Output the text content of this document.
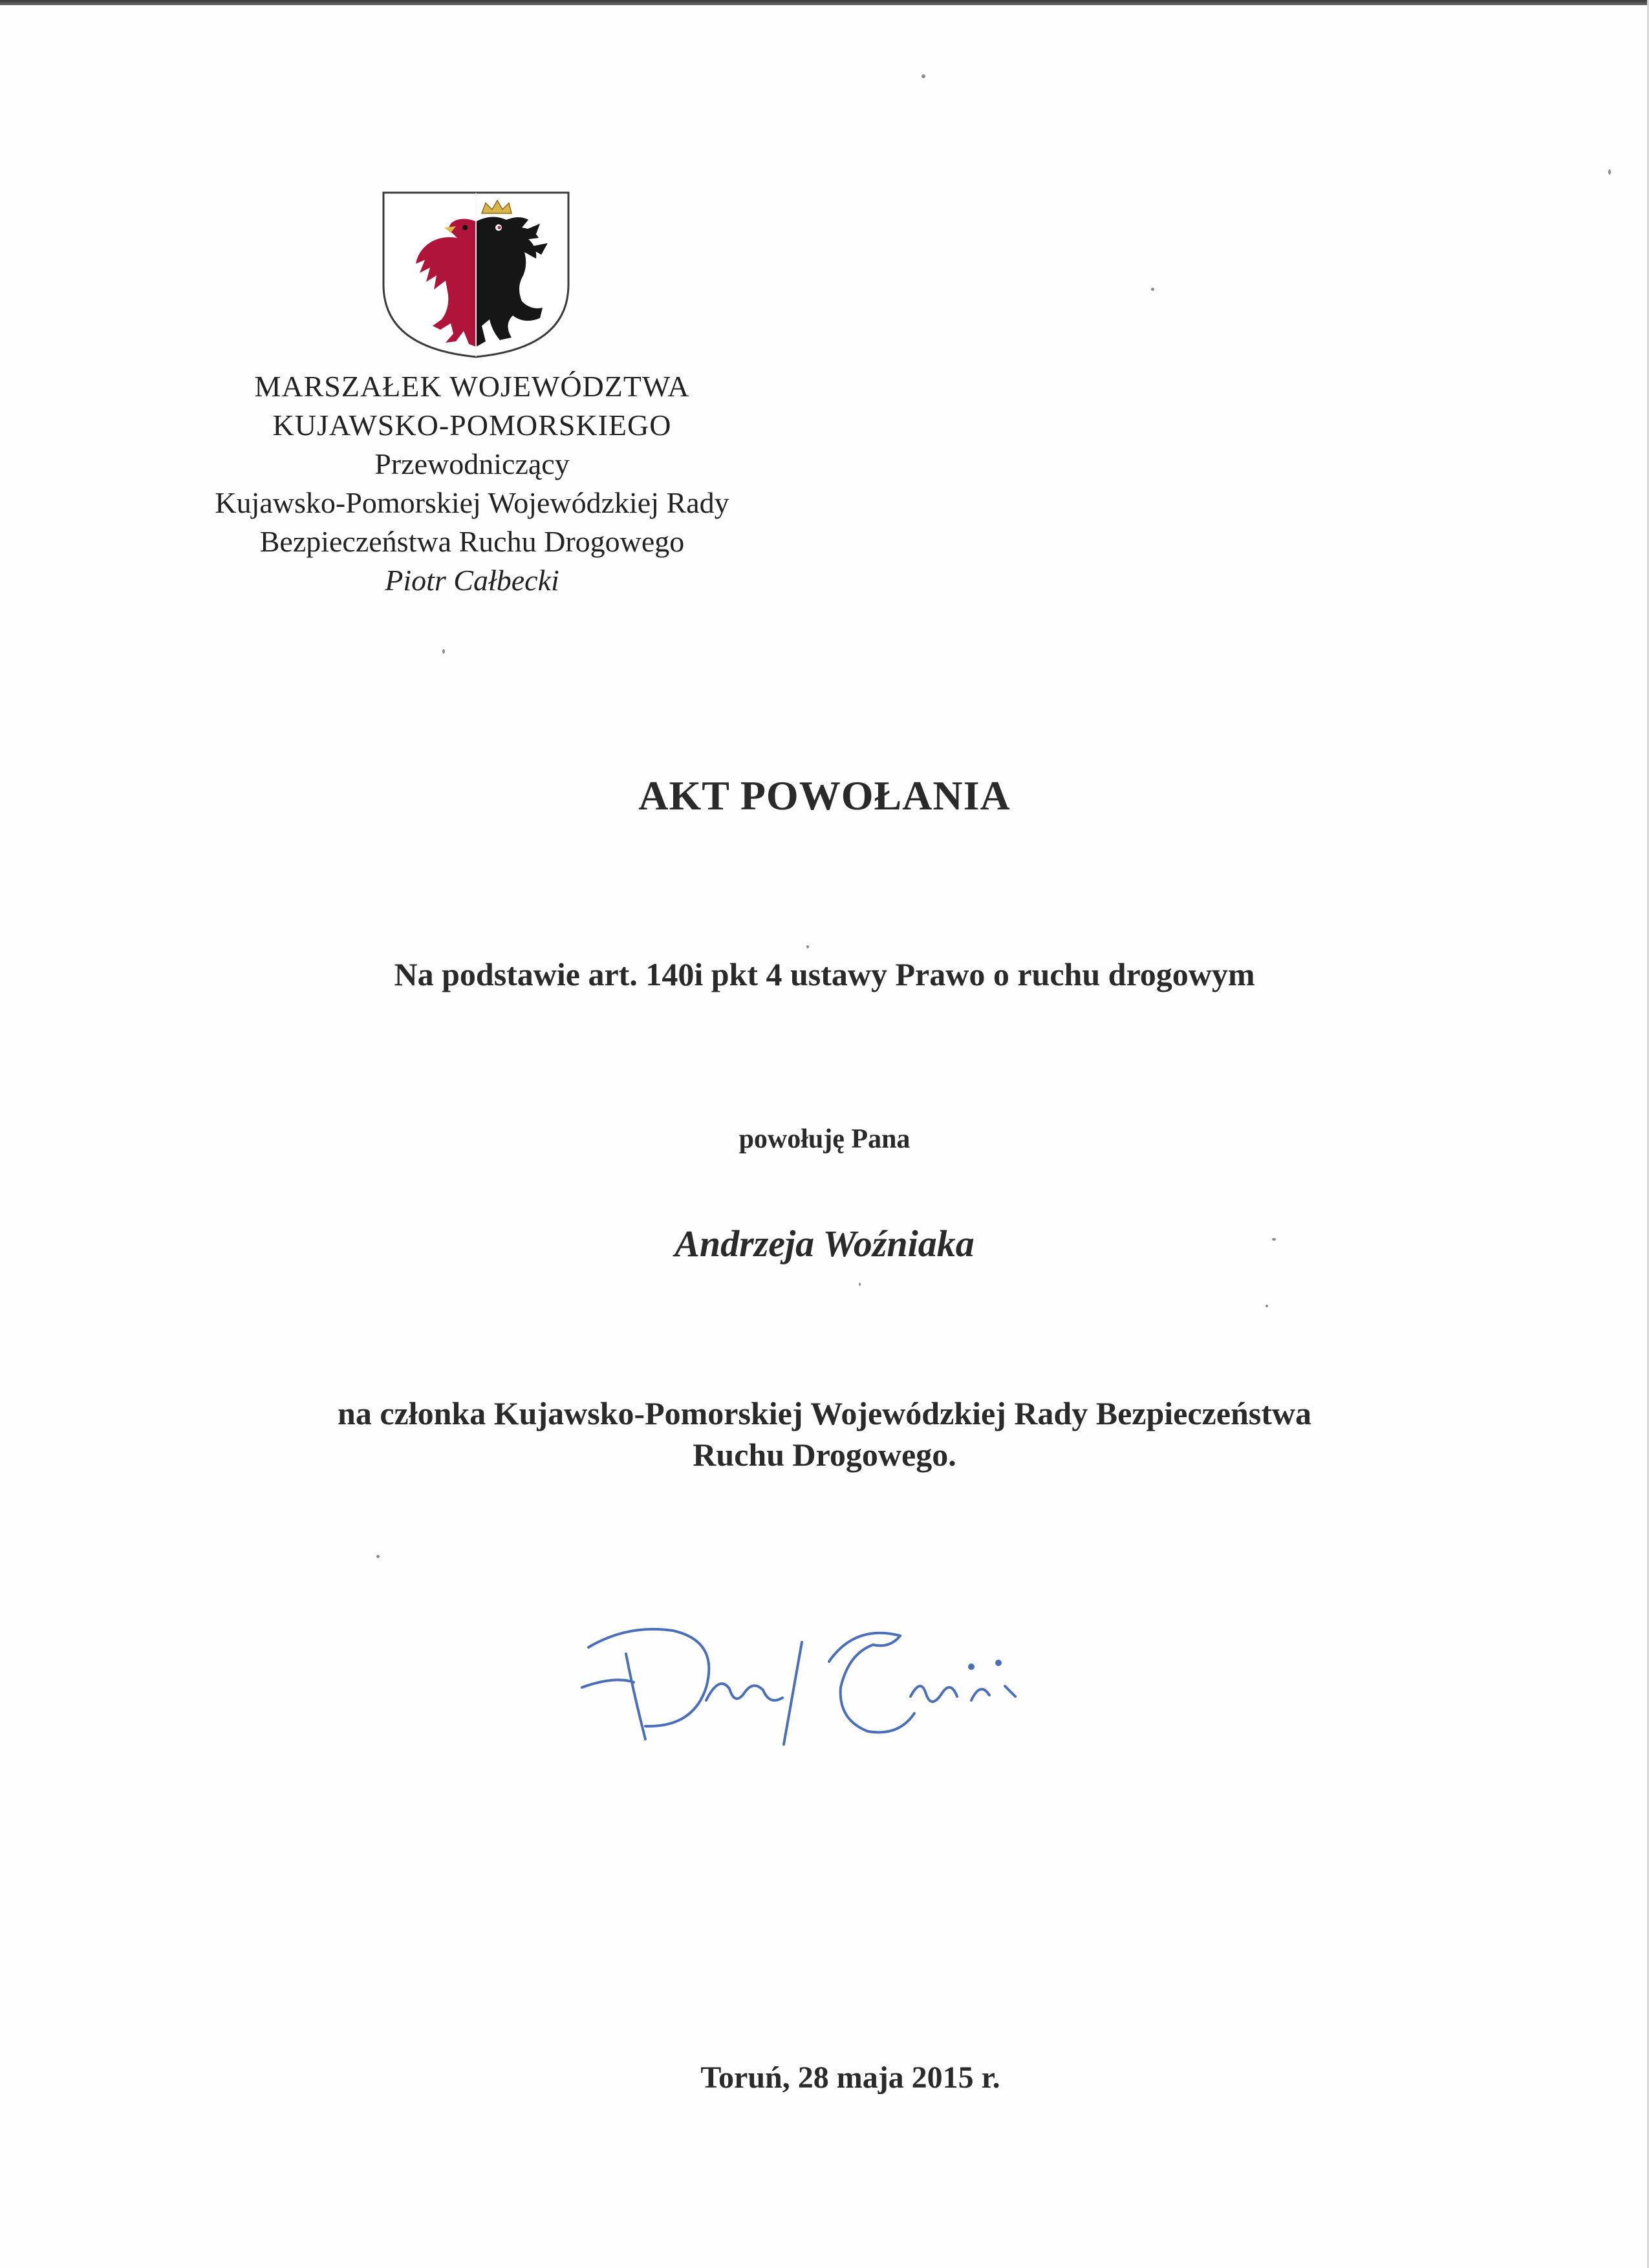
MARSZAŁEK WOJEWÓDZTWA
KUJAWSKO-POMORSKIEGO
Przewodniczący
Kujawsko-Pomorskiej Wojewódzkiej Rady
Bezpieczeństwa Ruchu Drogowego
Piotr Całbecki
AKT POWOŁANIA
Na podstawie art. 140i pkt 4 ustawy Prawo o ruchu drogowym
powołuję Pana
Andrzeja Woźniaka
na członka Kujawsko-Pomorskiej Wojewódzkiej Rady Bezpieczeństwa
Ruchu Drogowego.
Toruń, 28 maja 2015 r.
